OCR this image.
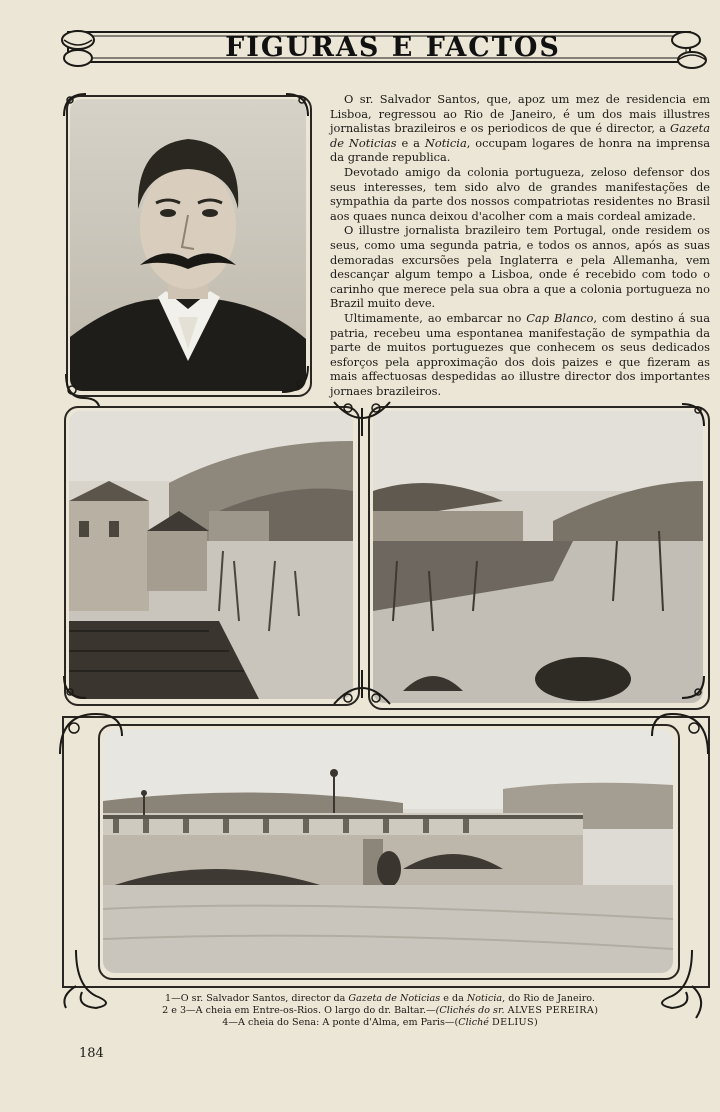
FIGURAS E FACTOS

O sr. Salvador Santos, que, apoz um mez de residencia em Lisboa, regressou ao Rio de Janeiro, é um dos mais illustres jornalistas brazileiros e os periodicos de que é director, a Gazeta de Noticias e a Noticia, occupam logares de honra na imprensa da grande republica.

Devotado amigo da colonia portugueza, zeloso defensor dos seus interesses, tem sido alvo de grandes manifestações de sympathia da parte dos nossos compatriotas residentes no Brasil aos quaes nunca deixou d'acolher com a mais cordeal amizade.

O illustre jornalista brazileiro tem Portugal, onde residem os seus, como uma segunda patria, e todos os annos, após as suas demoradas excursões pela Inglaterra e pela Allemanha, vem descançar algum tempo a Lisboa, onde é recebido com todo o carinho que merece pela sua obra a que a colonia portugueza no Brazil muito deve.

Ultimamente, ao embarcar no Cap Blanco, com destino á sua patria, recebeu uma espontanea manifestação de sympathia da parte de muitos portuguezes que conhecem os seus dedicados esforços pela approximação dos dois paizes e que fizeram as mais affectuosas despedidas ao illustre director dos importantes jornaes brazileiros.

1—O sr. Salvador Santos, director da Gazeta de Noticias e da Noticia, do Rio de Janeiro.
2 e 3—A cheia em Entre-os-Rios. O largo do dr. Baltar.—(Clichés do sr. ALVES PEREIRA)
4—A cheia do Sena: A ponte d'Alma, em Paris—(Cliché DELIUS)
184
